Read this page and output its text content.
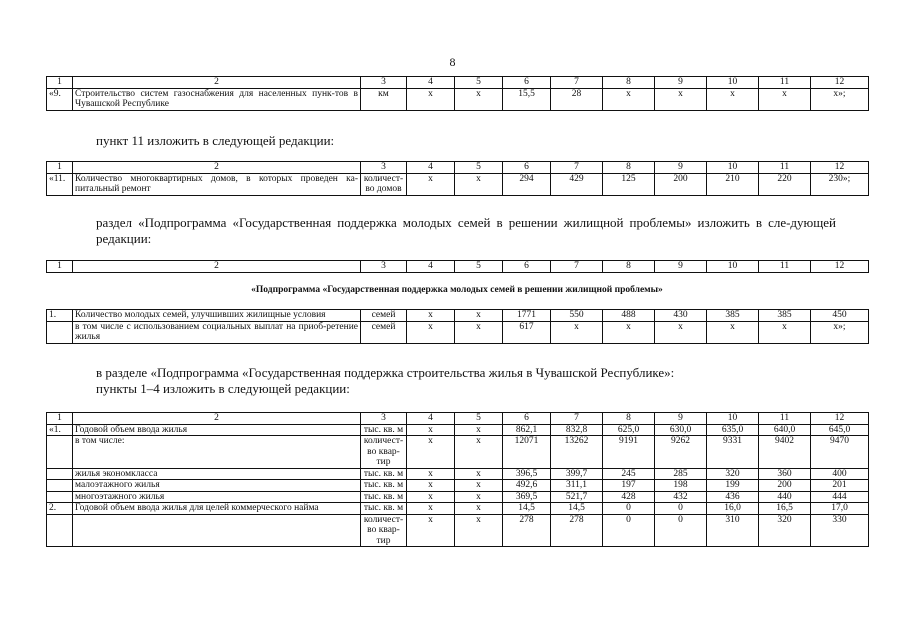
8
1	2	3	4	5	6	7	8	9	10	11	12
«9.	Строительство систем газоснабжения для населенных пунк-тов в Чувашской Республике	км	х	х	15,5	28	х	х	х	х	х»;
пункт 11 изложить в следующей редакции:
1	2	3	4	5	6	7	8	9	10	11	12
«11.	Количество многоквартирных домов, в которых проведен ка-питальный ремонт	количест-во домов	х	х	294	429	125	200	210	220	230»;
раздел «Подпрограмма «Государственная поддержка молодых семей в решении жилищной проблемы» изложить в сле-дующей редакции:
1	2	3	4	5	6	7	8	9	10	11	12
«Подпрограмма «Государственная поддержка молодых семей в решении жилищной проблемы»
1.	Количество молодых семей, улучшивших жилищные условия	семей	х	х	1771	550	488	430	385	385	450
	в том числе с использованием социальных выплат на приоб-ретение жилья	семей	х	х	617	х	х	х	х	х	х»;
в разделе «Подпрограмма «Государственная поддержка строительства жилья в Чувашской Республике»:
пункты 1–4 изложить в следующей редакции:
1	2	3	4	5	6	7	8	9	10	11	12
«1.	Годовой объем ввода жилья	тыс. кв. м	х	х	862,1	832,8	625,0	630,0	635,0	640,0	645,0
	в том числе:	количест-во квар-тир	х	х	12071	13262	9191	9262	9331	9402	9470
	жилья экономкласса	тыс. кв. м	х	х	396,5	399,7	245	285	320	360	400
	малоэтажного жилья	тыс. кв. м	х	х	492,6	311,1	197	198	199	200	201
	многоэтажного жилья	тыс. кв. м	х	х	369,5	521,7	428	432	436	440	444
2.	Годовой объем ввода жилья для целей коммерческого найма	тыс. кв. м	х	х	14,5	14,5	0	0	16,0	16,5	17,0
		количест-во квар-тир	х	х	278	278	0	0	310	320	330
